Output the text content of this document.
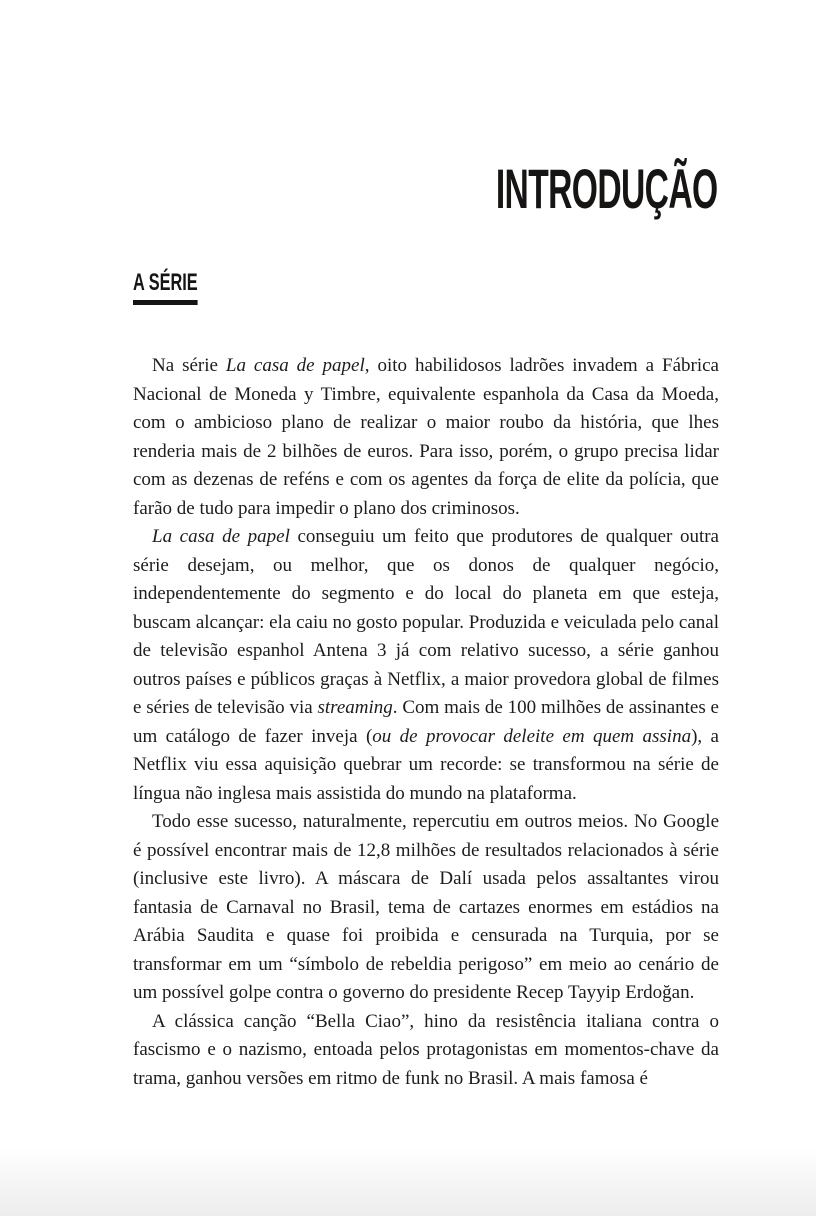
INTRODUÇÃO
A SÉRIE

Na série La casa de papel, oito habilidosos ladrões invadem a Fábrica Nacional de Moneda y Timbre, equivalente espanhola da Casa da Moeda, com o ambicioso plano de realizar o maior roubo da história, que lhes renderia mais de 2 bilhões de euros. Para isso, porém, o grupo precisa lidar com as dezenas de reféns e com os agentes da força de elite da polícia, que farão de tudo para impedir o plano dos criminosos.

La casa de papel conseguiu um feito que produtores de qualquer outra série desejam, ou melhor, que os donos de qualquer negócio, independentemente do segmento e do local do planeta em que esteja, buscam alcançar: ela caiu no gosto popular. Produzida e veiculada pelo canal de televisão espanhol Antena 3 já com relativo sucesso, a série ganhou outros países e públicos graças à Netflix, a maior provedora global de filmes e séries de televisão via streaming. Com mais de 100 milhões de assinantes e um catálogo de fazer inveja (ou de provocar deleite em quem assina), a Netflix viu essa aquisição quebrar um recorde: se transformou na série de língua não inglesa mais assistida do mundo na plataforma.

Todo esse sucesso, naturalmente, repercutiu em outros meios. No Google é possível encontrar mais de 12,8 milhões de resultados relacionados à série (inclusive este livro). A máscara de Dalí usada pelos assaltantes virou fantasia de Carnaval no Brasil, tema de cartazes enormes em estádios na Arábia Saudita e quase foi proibida e censurada na Turquia, por se transformar em um “símbolo de rebeldia perigoso” em meio ao cenário de um possível golpe contra o governo do presidente Recep Tayyip Erdoğan.

A clássica canção “Bella Ciao”, hino da resistência italiana contra o fascismo e o nazismo, entoada pelos protagonistas em momentos-chave da trama, ganhou versões em ritmo de funk no Brasil. A mais famosa é
